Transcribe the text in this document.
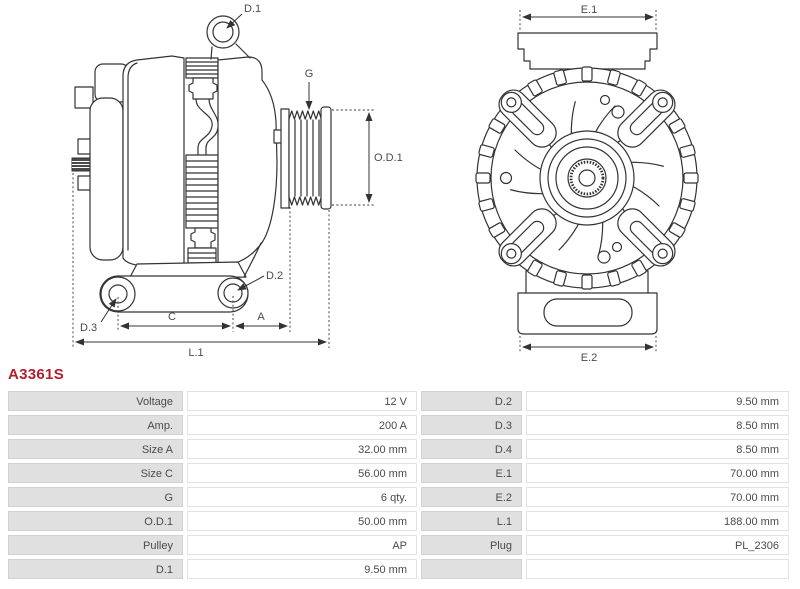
D.1
G
O.D.1
D.2
D.3
C	A
L.1
E.1
E.2
A3361S
Voltage	12 V	D.2	9.50 mm
Amp.	200 A	D.3	8.50 mm
Size A	32.00 mm	D.4	8.50 mm
Size C	56.00 mm	E.1	70.00 mm
G	6 qty.	E.2	70.00 mm
O.D.1	50.00 mm	L.1	188.00 mm
Pulley	AP	Plug	PL_2306
D.1	9.50 mm
